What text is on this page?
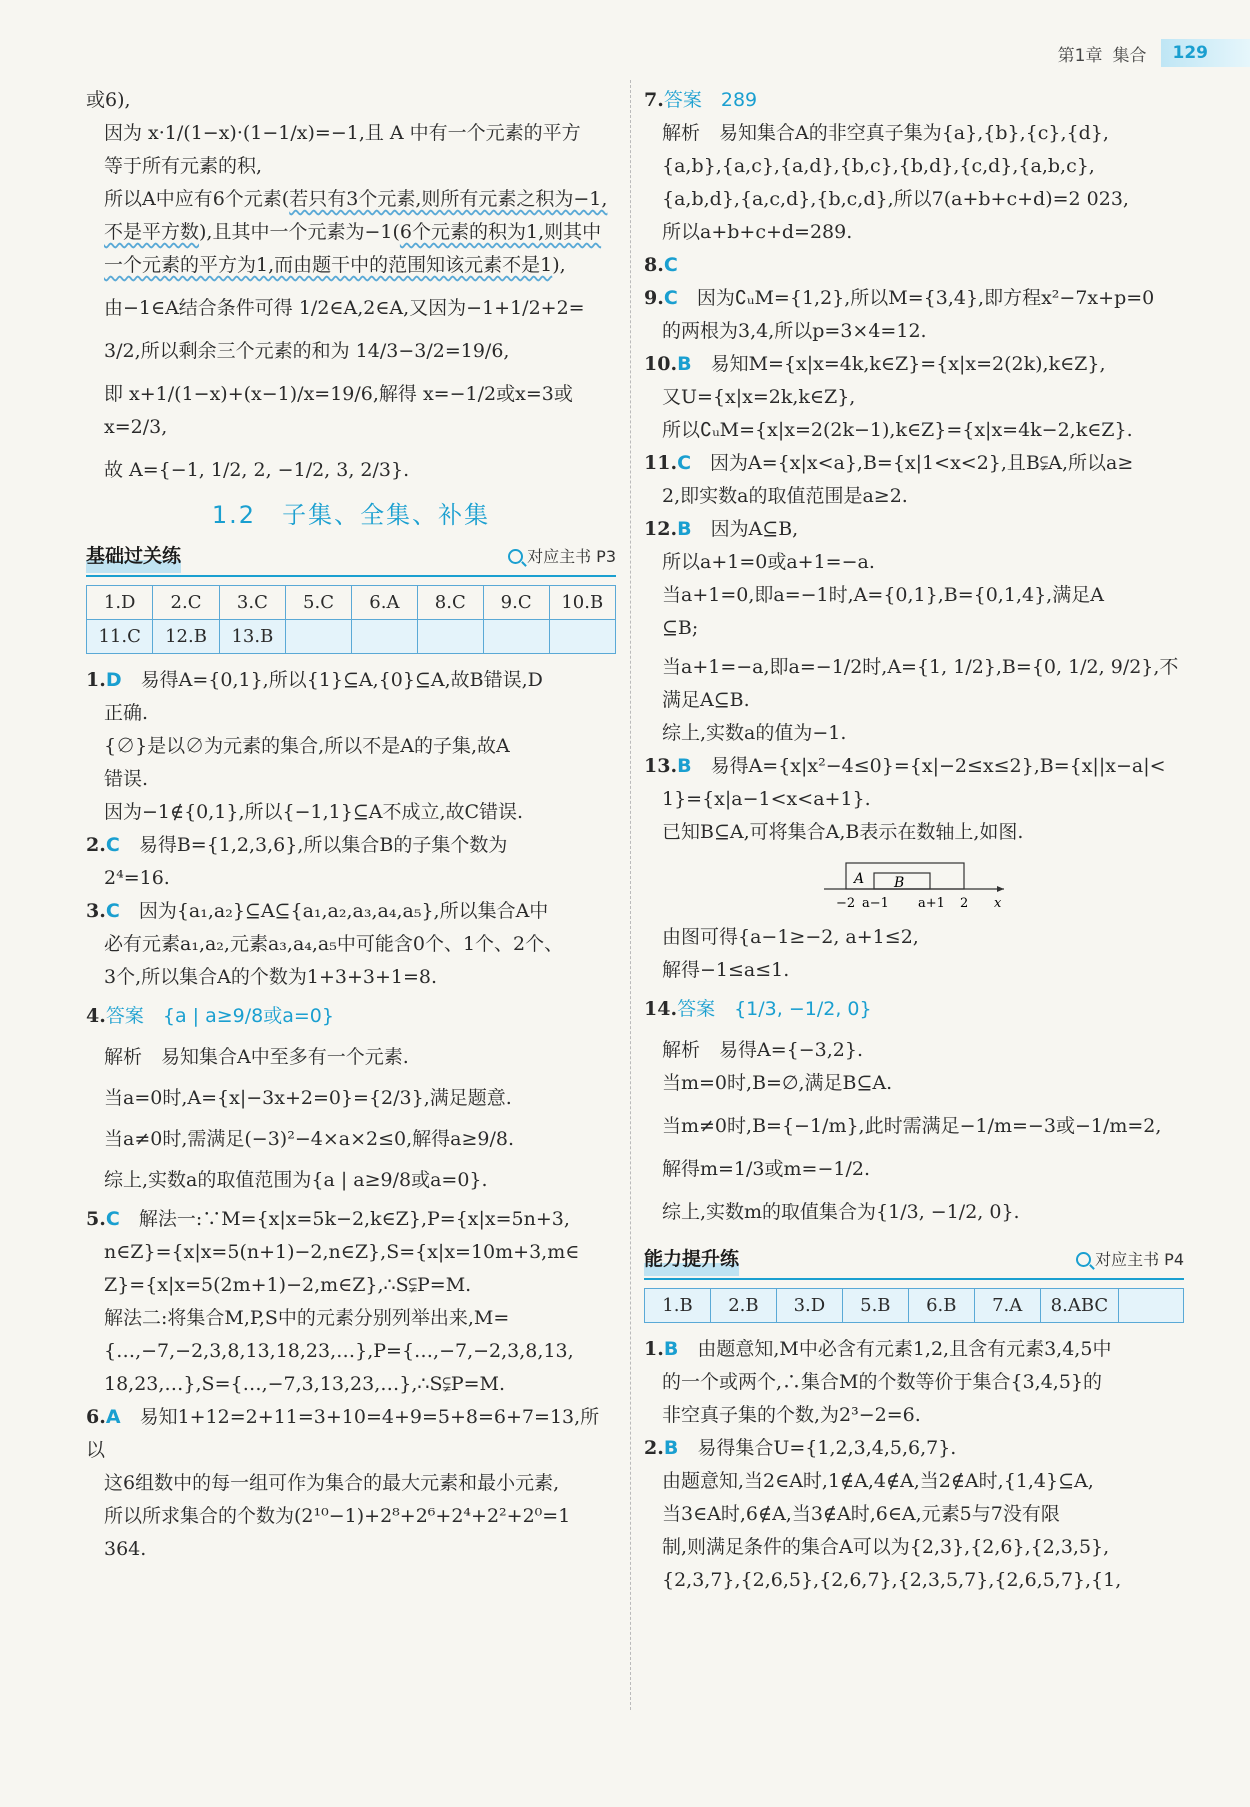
第1章 集合	129

或6),

因为 x·1/(1−x)·(1−1/x)=−1,且 A 中有一个元素的平方

等于所有元素的积,

所以A中应有6个元素(若只有3个元素,则所有元素之积为−1,不是平方数),且其中一个元素为−1(6个元素的积为1,则其中一个元素的平方为1,而由题干中的范围知该元素不是1),

由−1∈A结合条件可得 1/2∈A,2∈A,又因为−1+1/2+2=

3/2,所以剩余三个元素的和为 14/3−3/2=19/6,

即 x+1/(1−x)+(x−1)/x=19/6,解得 x=−1/2或x=3或x=2/3,

故 A={−1, 1/2, 2, −1/2, 3, 2/3}.

1.2　子集、全集、补集
基础过关练	对应主书 P3
1.D	2.C	3.C	5.C	6.A	8.C	9.C	10.B
11.C	12.B	13.B					

1.D　 易得A={0,1},所以{1}⊆A,{0}⊆A,故B错误,D

正确.

{∅}是以∅为元素的集合,所以不是A的子集,故A

错误.

因为−1∉{0,1},所以{−1,1}⊆A不成立,故C错误.

2.C　 易得B={1,2,3,6},所以集合B的子集个数为

2⁴=16.

3.C　 因为{a₁,a₂}⊆A⊆{a₁,a₂,a₃,a₄,a₅},所以集合A中

必有元素a₁,a₂,元素a₃,a₄,a₅中可能含0个、1个、2个、

3个,所以集合A的个数为1+3+3+1=8.

4.答案　 {a | a≥9/8或a=0}

解析　易知集合A中至多有一个元素.

当a=0时,A={x|−3x+2=0}={2/3},满足题意.

当a≠0时,需满足(−3)²−4×a×2≤0,解得a≥9/8.

综上,实数a的取值范围为{a | a≥9/8或a=0}.

5.C　 解法一:∵M={x|x=5k−2,k∈Z},P={x|x=5n+3,

n∈Z}={x|x=5(n+1)−2,n∈Z},S={x|x=10m+3,m∈

Z}={x|x=5(2m+1)−2,m∈Z},∴S⫋P=M.

解法二:将集合M,P,S中的元素分别列举出来,M=

{…,−7,−2,3,8,13,18,23,…},P={…,−7,−2,3,8,13,

18,23,…},S={…,−7,3,13,23,…},∴S⫋P=M.

6.A　 易知1+12=2+11=3+10=4+9=5+8=6+7=13,所以

这6组数中的每一组可作为集合的最大元素和最小元素,

所以所求集合的个数为(2¹⁰−1)+2⁸+2⁶+2⁴+2²+2⁰=1 364.

7.答案　 289

解析　易知集合A的非空真子集为{a},{b},{c},{d},

{a,b},{a,c},{a,d},{b,c},{b,d},{c,d},{a,b,c},

{a,b,d},{a,c,d},{b,c,d},所以7(a+b+c+d)=2 023,

所以a+b+c+d=289.

8.C

9.C　 因为∁ᵤM={1,2},所以M={3,4},即方程x²−7x+p=0

的两根为3,4,所以p=3×4=12.

10.B　 易知M={x|x=4k,k∈Z}={x|x=2(2k),k∈Z},

又U={x|x=2k,k∈Z},

所以∁ᵤM={x|x=2(2k−1),k∈Z}={x|x=4k−2,k∈Z}.

11.C　 因为A={x|x<a},B={x|1<x<2},且B⫋A,所以a≥

2,即实数a的取值范围是a≥2.

12.B　 因为A⊆B,

所以a+1=0或a+1=−a.

当a+1=0,即a=−1时,A={0,1},B={0,1,4},满足A

⊆B;

当a+1=−a,即a=−1/2时,A={1, 1/2},B={0, 1/2, 9/2},不

满足A⊆B.

综上,实数a的值为−1.

13.B　 易得A={x|x²−4≤0}={x|−2≤x≤2},B={x||x−a|<

1}={x|a−1<x<a+1}.

已知B⊆A,可将集合A,B表示在数轴上,如图.

A B
−2 a−1 a+1 2 x

由图可得{a−1≥−2, a+1≤2,

解得−1≤a≤1.

14.答案　 {1/3, −1/2, 0}

解析　易得A={−3,2}.

当m=0时,B=∅,满足B⊆A.

当m≠0时,B={−1/m},此时需满足−1/m=−3或−1/m=2,

解得m=1/3或m=−1/2.

综上,实数m的取值集合为{1/3, −1/2, 0}.

能力提升练	对应主书 P4
1.B	2.B	3.D	5.B	6.B	7.A	8.ABC	

1.B　 由题意知,M中必含有元素1,2,且含有元素3,4,5中

的一个或两个,∴集合M的个数等价于集合{3,4,5}的

非空真子集的个数,为2³−2=6.

2.B　 易得集合U={1,2,3,4,5,6,7}.

由题意知,当2∈A时,1∉A,4∉A,当2∉A时,{1,4}⊆A,

当3∈A时,6∉A,当3∉A时,6∈A,元素5与7没有限

制,则满足条件的集合A可以为{2,3},{2,6},{2,3,5},

{2,3,7},{2,6,5},{2,6,7},{2,3,5,7},{2,6,5,7},{1,
